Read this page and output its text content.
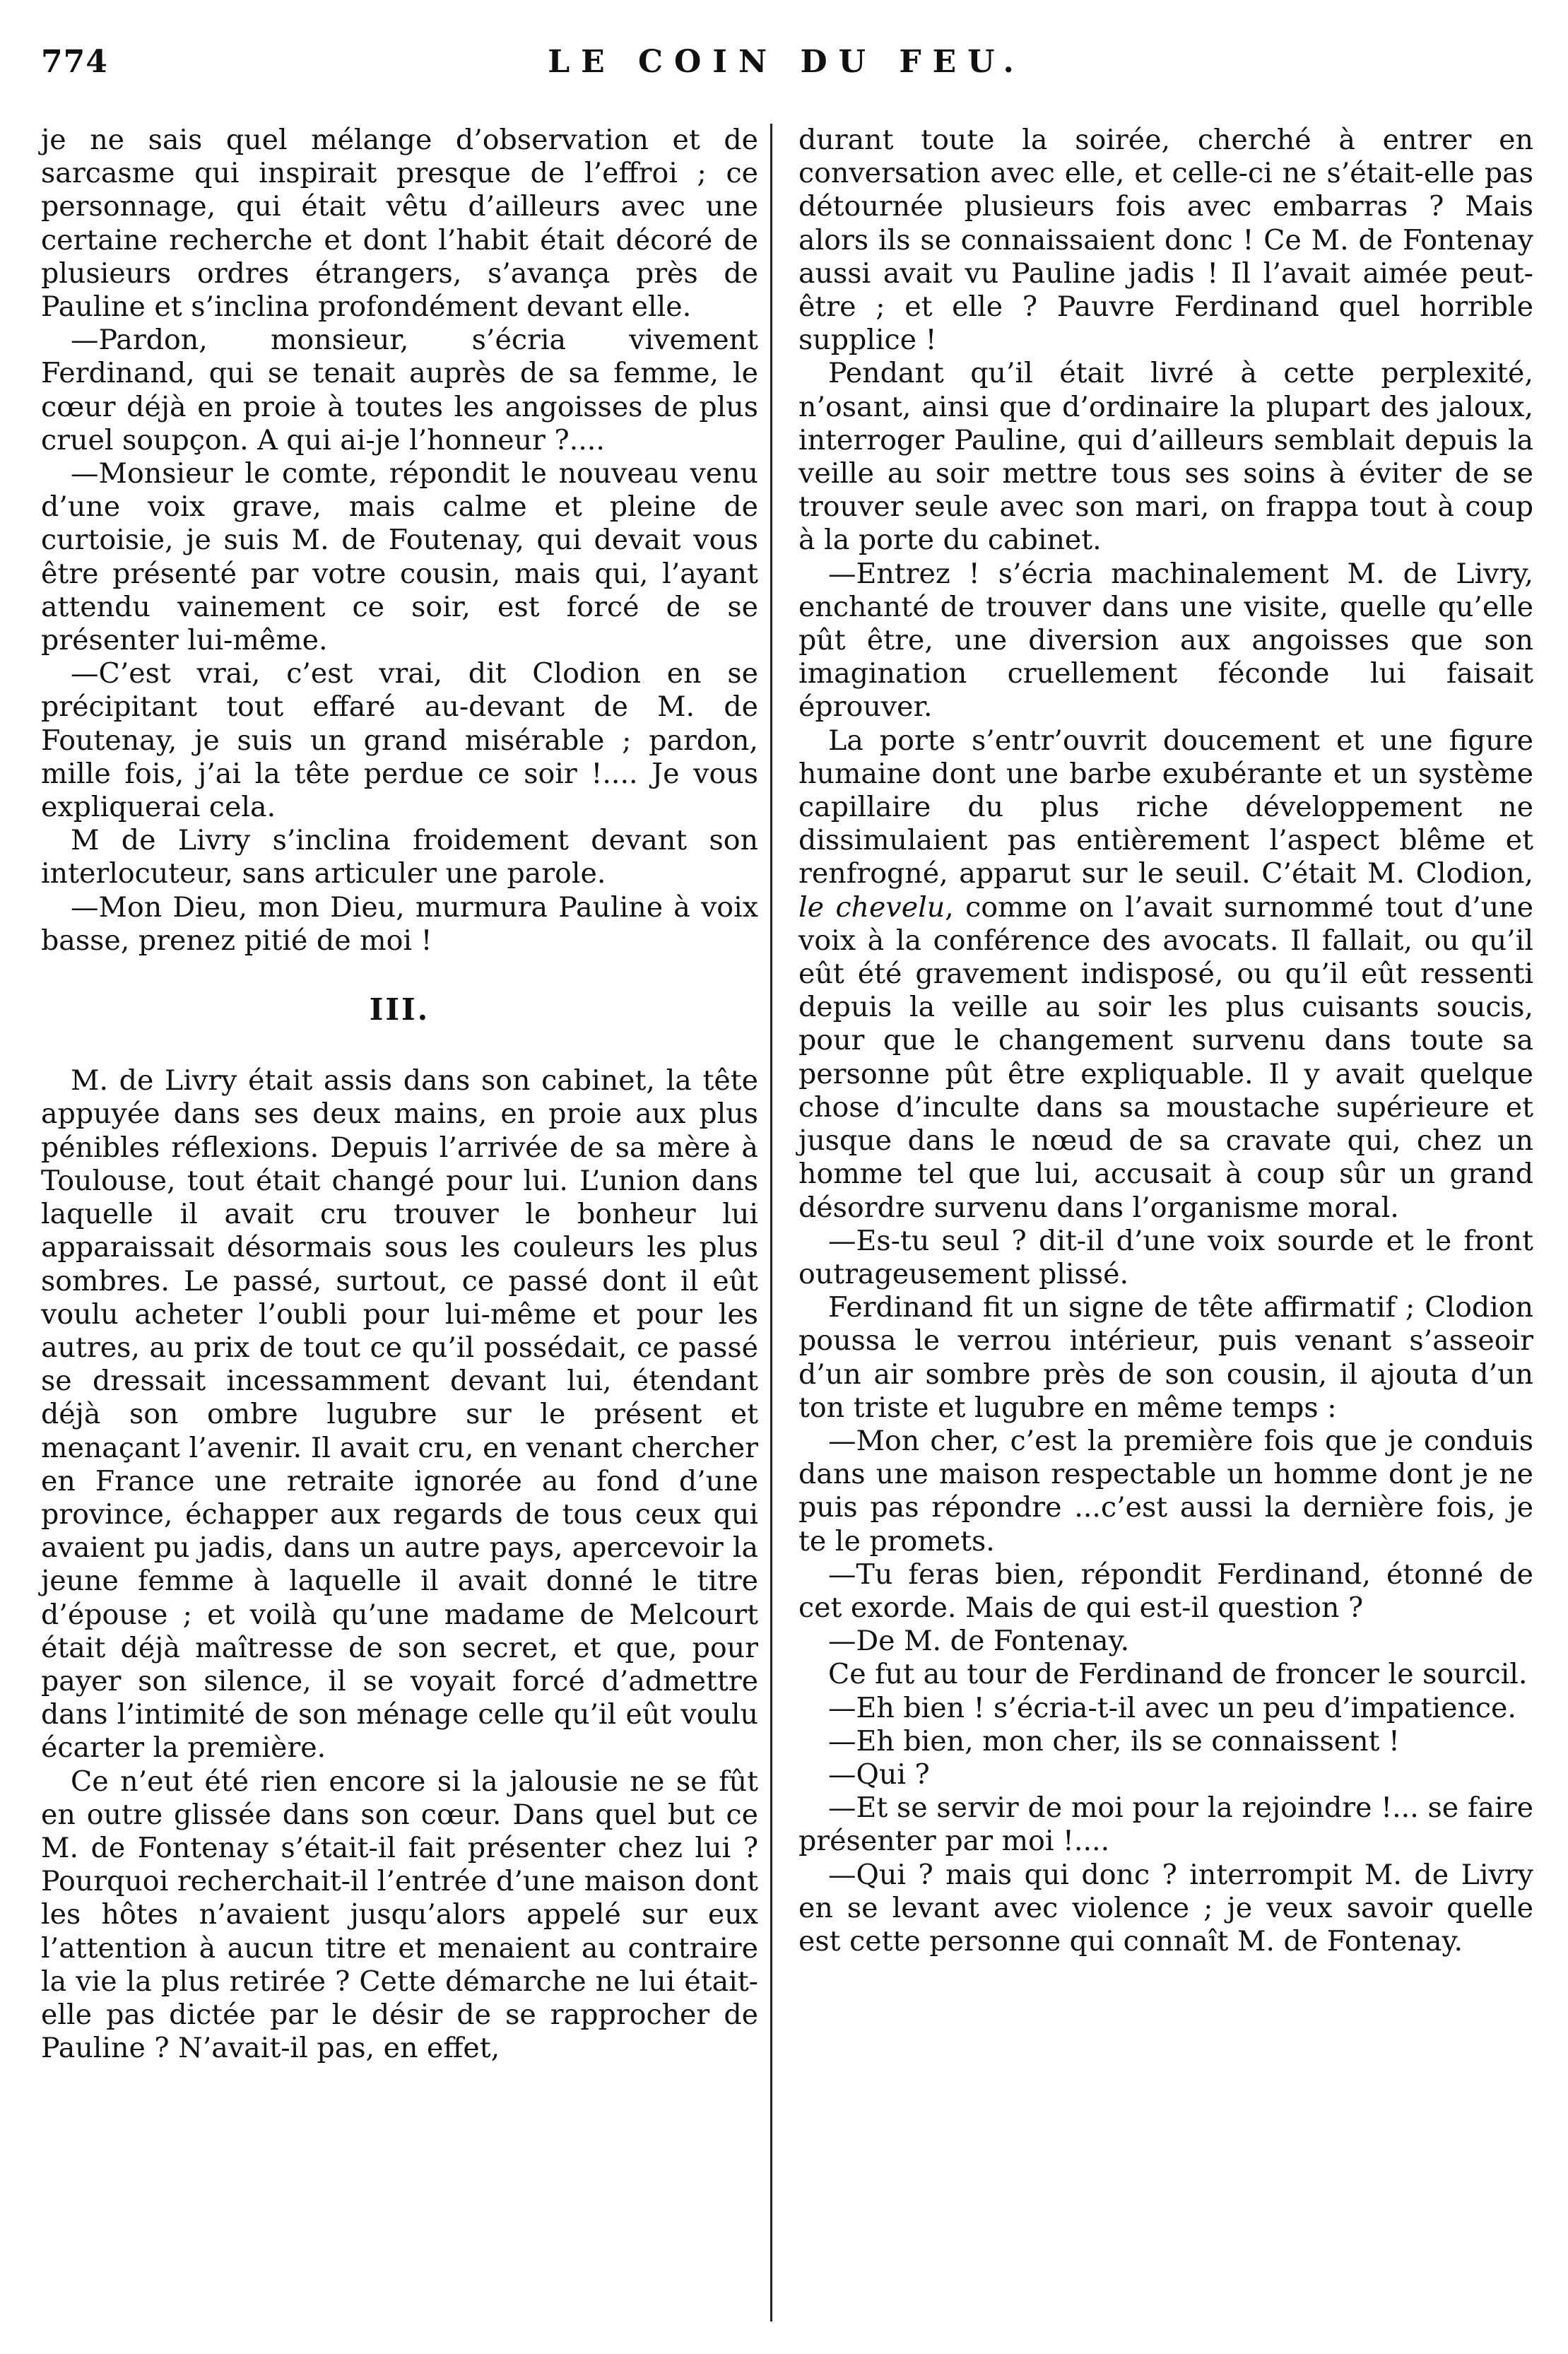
774	LE COIN DU FEU.

je ne sais quel mélange d’observation et de sarcasme qui inspirait presque de l’effroi ; ce personnage, qui était vêtu d’ailleurs avec une certaine recherche et dont l’habit était décoré de plusieurs ordres étrangers, s’avança près de Pauline et s’inclina profondément devant elle.

—Pardon, monsieur, s’écria vivement Ferdinand, qui se tenait auprès de sa femme, le cœur déjà en proie à toutes les angoisses de plus cruel soupçon. A qui ai-je l’honneur ?....

—Monsieur le comte, répondit le nouveau venu d’une voix grave, mais calme et pleine de curtoisie, je suis M. de Foutenay, qui devait vous être présenté par votre cousin, mais qui, l’ayant attendu vainement ce soir, est forcé de se présenter lui-même.

—C’est vrai, c’est vrai, dit Clodion en se précipitant tout effaré au-devant de M. de Foutenay, je suis un grand misérable ; pardon, mille fois, j’ai la tête perdue ce soir !.... Je vous expliquerai cela.

M de Livry s’inclina froidement devant son interlocuteur, sans articuler une parole.

—Mon Dieu, mon Dieu, murmura Pauline à voix basse, prenez pitié de moi !

III.

M. de Livry était assis dans son cabinet, la tête appuyée dans ses deux mains, en proie aux plus pénibles réflexions. Depuis l’arrivée de sa mère à Toulouse, tout était changé pour lui. L’union dans laquelle il avait cru trouver le bonheur lui apparaissait désormais sous les couleurs les plus sombres. Le passé, surtout, ce passé dont il eût voulu acheter l’oubli pour lui-même et pour les autres, au prix de tout ce qu’il possédait, ce passé se dressait incessamment devant lui, étendant déjà son ombre lugubre sur le présent et menaçant l’avenir. Il avait cru, en venant chercher en France une retraite ignorée au fond d’une province, échapper aux regards de tous ceux qui avaient pu jadis, dans un autre pays, apercevoir la jeune femme à laquelle il avait donné le titre d’épouse ; et voilà qu’une madame de Melcourt était déjà maîtresse de son secret, et que, pour payer son silence, il se voyait forcé d’admettre dans l’intimité de son ménage celle qu’il eût voulu écarter la première.

Ce n’eut été rien encore si la jalousie ne se fût en outre glissée dans son cœur. Dans quel but ce M. de Fontenay s’était-il fait présenter chez lui ? Pourquoi recherchait-il l’entrée d’une maison dont les hôtes n’avaient jusqu’alors appelé sur eux l’attention à aucun titre et menaient au contraire la vie la plus retirée ? Cette démarche ne lui était-elle pas dictée par le désir de se rapprocher de Pauline ? N’avait-il pas, en effet,

durant toute la soirée, cherché à entrer en conversation avec elle, et celle-ci ne s’était-elle pas détournée plusieurs fois avec embarras ? Mais alors ils se connaissaient donc ! Ce M. de Fontenay aussi avait vu Pauline jadis ! Il l’avait aimée peut-être ; et elle ? Pauvre Ferdinand quel horrible supplice !

Pendant qu’il était livré à cette perplexité, n’osant, ainsi que d’ordinaire la plupart des jaloux, interroger Pauline, qui d’ailleurs semblait depuis la veille au soir mettre tous ses soins à éviter de se trouver seule avec son mari, on frappa tout à coup à la porte du cabinet.

—Entrez ! s’écria machinalement M. de Livry, enchanté de trouver dans une visite, quelle qu’elle pût être, une diversion aux angoisses que son imagination cruellement féconde lui faisait éprouver.

La porte s’entr’ouvrit doucement et une figure humaine dont une barbe exubérante et un système capillaire du plus riche développement ne dissimulaient pas entièrement l’aspect blême et renfrogné, apparut sur le seuil. C’était M. Clodion, le chevelu, comme on l’avait surnommé tout d’une voix à la conférence des avocats. Il fallait, ou qu’il eût été gravement indisposé, ou qu’il eût ressenti depuis la veille au soir les plus cuisants soucis, pour que le changement survenu dans toute sa personne pût être expliquable. Il y avait quelque chose d’inculte dans sa moustache supérieure et jusque dans le nœud de sa cravate qui, chez un homme tel que lui, accusait à coup sûr un grand désordre survenu dans l’organisme moral.

—Es-tu seul ? dit-il d’une voix sourde et le front outrageusement plissé.

Ferdinand fit un signe de tête affirmatif ; Clodion poussa le verrou intérieur, puis venant s’asseoir d’un air sombre près de son cousin, il ajouta d’un ton triste et lugubre en même temps :

—Mon cher, c’est la première fois que je conduis dans une maison respectable un homme dont je ne puis pas répondre ...c’est aussi la dernière fois, je te le promets.

—Tu feras bien, répondit Ferdinand, étonné de cet exorde. Mais de qui est-il question ?

—De M. de Fontenay.

Ce fut au tour de Ferdinand de froncer le sourcil.

—Eh bien ! s’écria-t-il avec un peu d’impatience.

—Eh bien, mon cher, ils se connaissent !

—Qui ?

—Et se servir de moi pour la rejoindre !... se faire présenter par moi !....

—Qui ? mais qui donc ? interrompit M. de Livry en se levant avec violence ; je veux savoir quelle est cette personne qui connaît M. de Fontenay.
